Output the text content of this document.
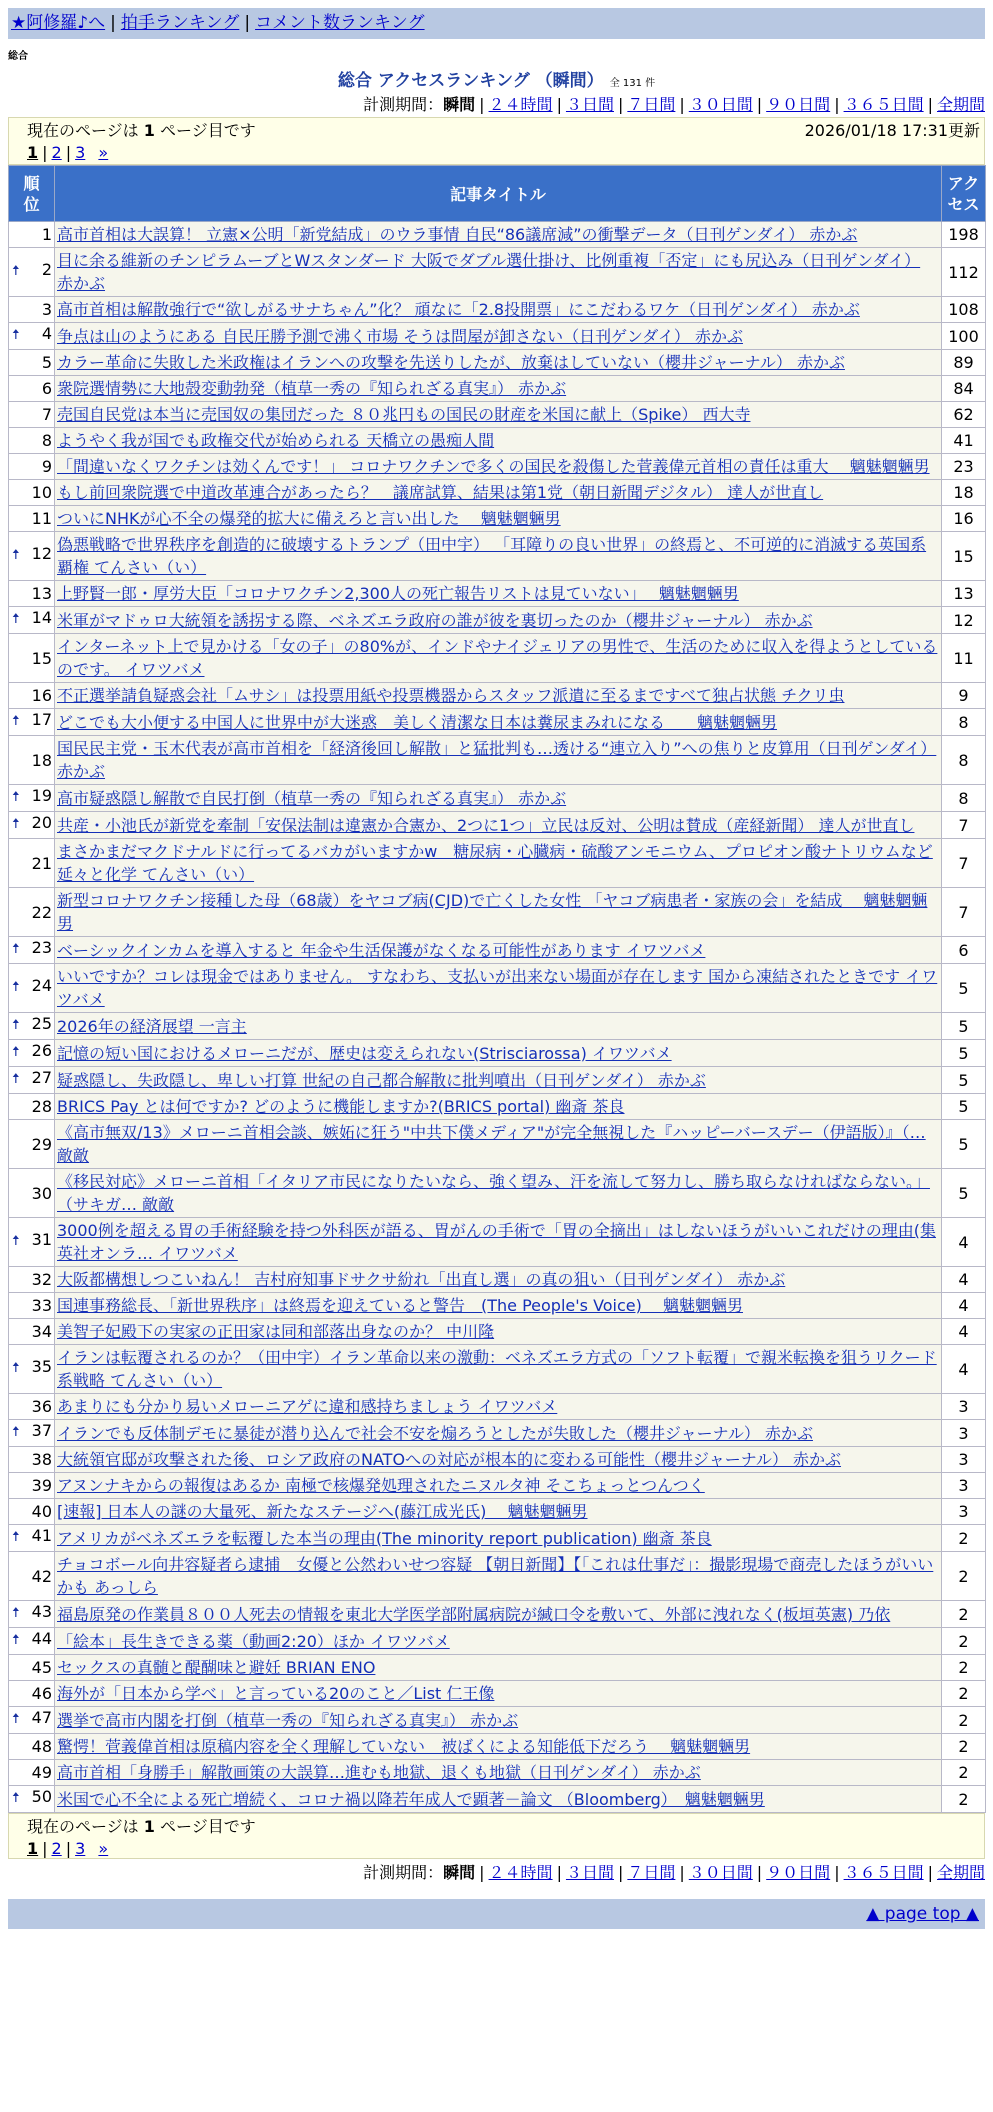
★阿修羅♪へ | 拍手ランキング | コメント数ランキング
総合
総合 アクセスランキング （瞬間） 全 131 件
計測期間：瞬間 | ２４時間 | ３日間 | ７日間 | ３０日間 | ９０日間 | ３６５日間 | 全期間
現在のページは 1 ページ目です	2026/01/18 17:31更新
1 | 2 | 3 »
順位	記事タイトル	アクセス
1	高市首相は大誤算！ 立憲×公明「新党結成」のウラ事情 自民“86議席減”の衝撃データ（日刊ゲンダイ） 赤かぶ	198

🠅 2	目に余る維新のチンピラムーブとWスタンダード 大阪でダブル選仕掛け、比例重複「否定」にも尻込み（日刊ゲンダイ） 赤かぶ	112
3	高市首相は解散強行で“欲しがるサナちゃん”化？ 頑なに「2.8投開票」にこだわるワケ（日刊ゲンダイ） 赤かぶ	108

🠅 4	争点は山のようにある 自民圧勝予測で沸く市場 そうは問屋が卸さない（日刊ゲンダイ） 赤かぶ	100
5	カラー革命に失敗した米政権はイランへの攻撃を先送りしたが、放棄はしていない（櫻井ジャーナル） 赤かぶ	89
6	衆院選情勢に大地殻変動勃発（植草一秀の『知られざる真実』） 赤かぶ	84
7	売国自民党は本当に売国奴の集団だった ８０兆円もの国民の財産を米国に献上（Spike） 西大寺	62
8	ようやく我が国でも政権交代が始められる 天橋立の愚痴人間	41
9	「間違いなくワクチンは効くんです！」 コロナワクチンで多くの国民を殺傷した菅義偉元首相の責任は重大　 魑魅魍魎男	23
10	もし前回衆院選で中道改革連合があったら？　議席試算、結果は第1党（朝日新聞デジタル） 達人が世直し	18
11	ついにNHKが心不全の爆発的拡大に備えろと言い出した　 魑魅魍魎男	16

🠅 12	偽悪戦略で世界秩序を創造的に破壊するトランプ（田中宇） 「耳障りの良い世界」の終焉と、不可逆的に消滅する英国系覇権 てんさい（い）	15
13	上野賢一郎・厚労大臣「コロナワクチン2,300人の死亡報告リストは見ていない」　 魑魅魍魎男	13

🠅 14	米軍がマドゥロ大統領を誘拐する際、ベネズエラ政府の誰が彼を裏切ったのか（櫻井ジャーナル） 赤かぶ	12
15	インターネット上で見かける「女の子」の80%が、インドやナイジェリアの男性で、生活のために収入を得ようとしているのです。 イワツバメ	11
16	不正選挙請負疑惑会社「ムサシ」は投票用紙や投票機器からスタッフ派遣に至るまですべて独占状態 チクリ虫	9

🠅 17	どこでも大小便する中国人に世界中が大迷惑　美しく清潔な日本は糞尿まみれになる　　魑魅魍魎男	8
18	国民民主党・玉木代表が高市首相を「経済後回し解散」と猛批判も…透ける“連立入り”への焦りと皮算用（日刊ゲンダイ） 赤かぶ	8

🠅 19	高市疑惑隠し解散で自民打倒（植草一秀の『知られざる真実』） 赤かぶ	8

🠅 20	共産・小池氏が新党を牽制「安保法制は違憲か合憲か、2つに1つ」立民は反対、公明は賛成（産経新聞） 達人が世直し	7
21	まさかまだマクドナルドに行ってるバカがいますかw　糖尿病・心臓病・硫酸アンモニウム、プロピオン酸ナトリウムなど延々と化学 てんさい（い）	7
22	新型コロナワクチン接種した母（68歳）をヤコブ病(CJD)で亡くした女性 「ヤコブ病患者・家族の会」を結成　 魑魅魍魎男	7

🠅 23	ベーシックインカムを導入すると 年金や生活保護がなくなる可能性があります イワツバメ	6

🠅 24	いいですか？コレは現金ではありません。 すなわち、支払いが出来ない場面が存在します 国から凍結されたときです イワツバメ	5

🠅 25	2026年の経済展望 一言主	5

🠅 26	記憶の短い国におけるメローニだが、歴史は変えられない(Strisciarossa) イワツバメ	5

🠅 27	疑惑隠し、失政隠し、卑しい打算 世紀の自己都合解散に批判噴出（日刊ゲンダイ） 赤かぶ	5
28	BRICS Pay とは何ですか? どのように機能しますか?(BRICS portal) 幽斎 茶良	5
29	《高市無双/13》メローニ首相会談、嫉妬に狂う"中共下僕メディア"が完全無視した『ハッピーバースデー（伊語版）』（… 敵敵	5
30	《移民対応》メローニ首相「イタリア市民になりたいなら、強く望み、汗を流して努力し、勝ち取らなければならない。」（サキガ… 敵敵	5

🠅 31	3000例を超える胃の手術経験を持つ外科医が語る、胃がんの手術で「胃の全摘出」はしないほうがいいこれだけの理由(集英社オンラ… イワツバメ	4
32	大阪都構想しつこいねん！ 吉村府知事ドサクサ紛れ「出直し選」の真の狙い（日刊ゲンダイ） 赤かぶ	4
33	国連事務総長、「新世界秩序」は終焉を迎えていると警告　(The People's Voice)　 魑魅魍魎男	4
34	美智子妃殿下の実家の正田家は同和部落出身なのか？ 中川隆	4

🠅 35	イランは転覆されるのか？（田中宇）イラン革命以来の激動：ベネズエラ方式の「ソフト転覆」で親米転換を狙うリクード系戦略 てんさい（い）	4
36	あまりにも分かり易いメローニアゲに違和感持ちましょう イワツバメ	3

🠅 37	イランでも反体制デモに暴徒が潜り込んで社会不安を煽ろうとしたが失敗した（櫻井ジャーナル） 赤かぶ	3
38	大統領官邸が攻撃された後、ロシア政府のNATOへの対応が根本的に変わる可能性（櫻井ジャーナル） 赤かぶ	3
39	アヌンナキからの報復はあるか 南極で核爆発処理されたニヌルタ神 そこちょっとつんつく	3
40	[速報] 日本人の謎の大量死、新たなステージへ(藤江成光氏)　 魑魅魍魎男	3

🠅 41	アメリカがベネズエラを転覆した本当の理由(The minority report publication) 幽斎 茶良	2
42	チョコボール向井容疑者ら逮捕　女優と公然わいせつ容疑 【朝日新聞】【「これは仕事だ」：撮影現場で商売したほうがいいかも あっしら	2

🠅 43	福島原発の作業員８００人死去の情報を東北大学医学部附属病院が緘口令を敷いて、外部に洩れなく(板垣英憲) 乃依	2

🠅 44	「絵本」長生きできる薬（動画2:20）ほか イワツバメ	2
45	セックスの真髄と醍醐味と避妊 BRIAN ENO	2
46	海外が「日本から学べ」と言っている20のこと／List 仁王像	2

🠅 47	選挙で高市内閣を打倒（植草一秀の『知られざる真実』） 赤かぶ	2
48	驚愕！菅義偉首相は原稿内容を全く理解していない　被ばくによる知能低下だろう　 魑魅魍魎男	2
49	高市首相「身勝手」解散画策の大誤算…進むも地獄、退くも地獄（日刊ゲンダイ） 赤かぶ	2

🠅 50	米国で心不全による死亡増続く、コロナ禍以降若年成人で顕著－論文 （Bloomberg）　魑魅魍魎男	2
現在のページは 1 ページ目です
1 | 2 | 3 »
計測期間：瞬間 | ２４時間 | ３日間 | ７日間 | ３０日間 | ９０日間 | ３６５日間 | 全期間
▲ page top ▲
